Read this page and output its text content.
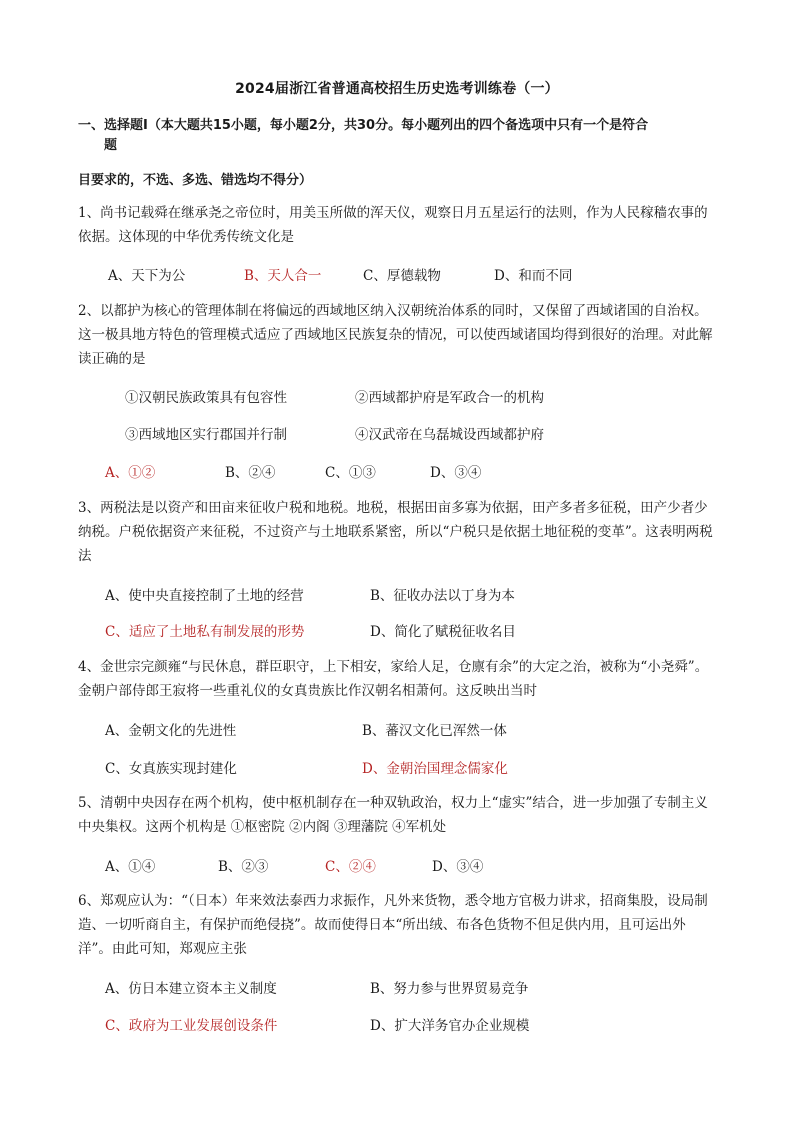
2024届浙江省普通高校招生历史选考训练卷（一）
一、选择题Ⅰ（本大题共15小题，每小题2分，共30分。每小题列出的四个备选项中只有一个是符合
题
目要求的，不选、多选、错选均不得分）
1、尚书记载舜在继承尧之帝位时，用美玉所做的浑天仪，观察日月五星运行的法则，作为人民稼穑农事的依据。这体现的中华优秀传统文化是
A、天下为公	B、天人合一	C、厚德载物	D、和而不同
2、以都护为核心的管理体制在将偏远的西域地区纳入汉朝统治体系的同时，又保留了西域诸国的自治权。这一极具地方特色的管理模式适应了西域地区民族复杂的情况，可以使西域诸国均得到很好的治理。对此解读正确的是
①汉朝民族政策具有包容性	②西域都护府是军政合一的机构
③西域地区实行郡国并行制	④汉武帝在乌磊城设西域都护府
A、①②	B、②④	C、①③	D、③④
3、两税法是以资产和田亩来征收户税和地税。地税，根据田亩多寡为依据，田产多者多征税，田产少者少纳税。户税依据资产来征税，不过资产与土地联系紧密，所以“户税只是依据土地征税的变革”。这表明两税法
A、使中央直接控制了土地的经营	B、征收办法以丁身为本
C、适应了土地私有制发展的形势	D、简化了赋税征收名目
4、金世宗完颜雍“与民休息，群臣职守，上下相安，家给人足，仓廪有余”的大定之治，被称为“小尧舜”。金朝户部侍郎王寂将一些重礼仪的女真贵族比作汉朝名相萧何。这反映出当时
A、金朝文化的先进性	B、蕃汉文化已浑然一体
C、女真族实现封建化	D、金朝治国理念儒家化
5、清朝中央因存在两个机构，使中枢机制存在一种双轨政治，权力上“虚实”结合，进一步加强了专制主义中央集权。这两个机构是 ①枢密院 ②内阁 ③理藩院 ④军机处
A、①④	B、②③	C、②④	D、③④
6、郑观应认为：“（日本）年来效法泰西力求振作，凡外来货物，悉令地方官极力讲求，招商集股，设局制造、一切听商自主，有保护而绝侵挠”。故而使得日本“所出绒、布各色货物不但足供内用，且可运出外洋”。由此可知，郑观应主张
A、仿日本建立资本主义制度	B、努力参与世界贸易竞争
C、政府为工业发展创设条件	D、扩大洋务官办企业规模
